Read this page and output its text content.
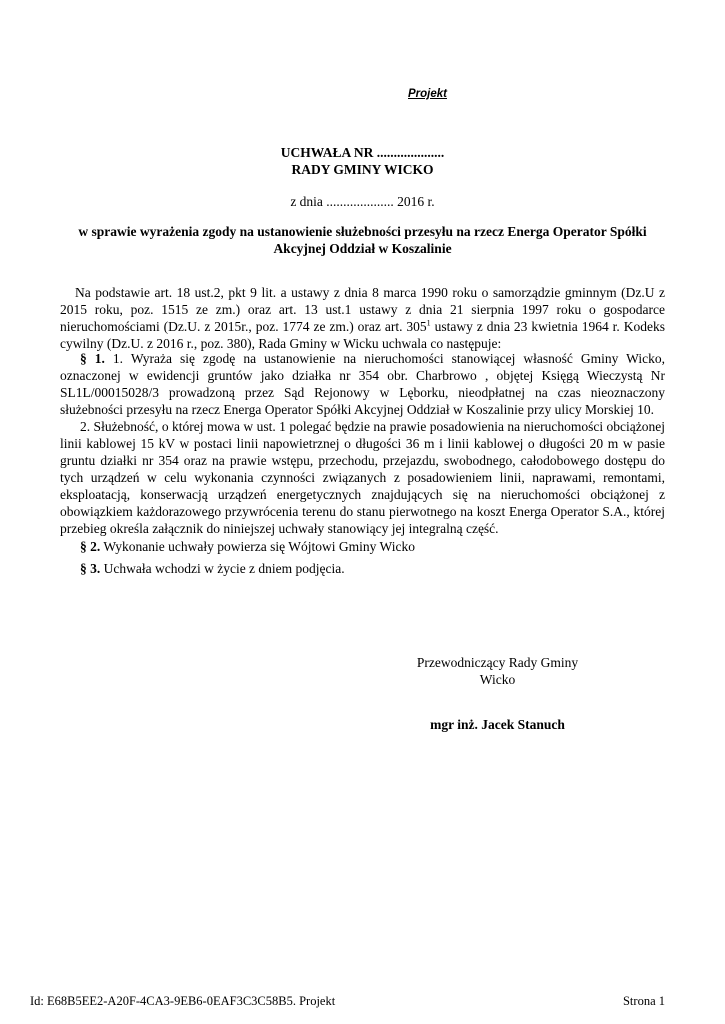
Projekt
UCHWAŁA NR ....................
RADY GMINY WICKO
z dnia .................... 2016 r.
w sprawie wyrażenia zgody na ustanowienie służebności przesyłu na rzecz Energa Operator Spółki Akcyjnej Oddział w Koszalinie
Na podstawie art. 18 ust.2, pkt 9 lit. a ustawy z dnia 8 marca 1990 roku o samorządzie gminnym (Dz.U z 2015 roku, poz. 1515 ze zm.) oraz art. 13 ust.1 ustawy z dnia 21 sierpnia 1997 roku o gospodarce nieruchomościami (Dz.U. z 2015r., poz. 1774 ze zm.) oraz art. $305^1$ ustawy z dnia 23 kwietnia 1964 r. Kodeks cywilny (Dz.U. z 2016 r., poz. 380), Rada Gminy w Wicku uchwala co następuje:
§ 1. 1. Wyraża się zgodę na ustanowienie na nieruchomości stanowiącej własność Gminy Wicko, oznaczonej w ewidencji gruntów jako działka nr 354 obr. Charbrowo , objętej Księgą Wieczystą Nr SL1L/00015028/3 prowadzoną przez Sąd Rejonowy w Lęborku, nieodpłatnej na czas nieoznaczony służebności przesyłu na rzecz Energa Operator Spółki Akcyjnej Oddział w Koszalinie przy ulicy Morskiej 10.
2. Służebność, o której mowa w ust. 1 polegać będzie na prawie posadowienia na nieruchomości obciążonej linii kablowej 15 kV w postaci linii napowietrznej o długości 36 m i linii kablowej o długości 20 m w pasie gruntu działki nr 354 oraz na prawie wstępu, przechodu, przejazdu, swobodnego, całodobowego dostępu do tych urządzeń w celu wykonania czynności związanych z posadowieniem linii, naprawami, remontami, eksploatacją, konserwacją urządzeń energetycznych znajdujących się na nieruchomości obciążonej z obowiązkiem każdorazowego przywrócenia terenu do stanu pierwotnego na koszt Energa Operator S.A., której przebieg określa załącznik do niniejszej uchwały stanowiący jej integralną część.
§ 2. Wykonanie uchwały powierza się Wójtowi Gminy Wicko
§ 3. Uchwała wchodzi w życie z dniem podjęcia.
Przewodniczący Rady Gminy
Wicko
mgr inż. Jacek Stanuch
Id: E68B5EE2-A20F-4CA3-9EB6-0EAF3C3C58B5. Projekt	Strona 1
